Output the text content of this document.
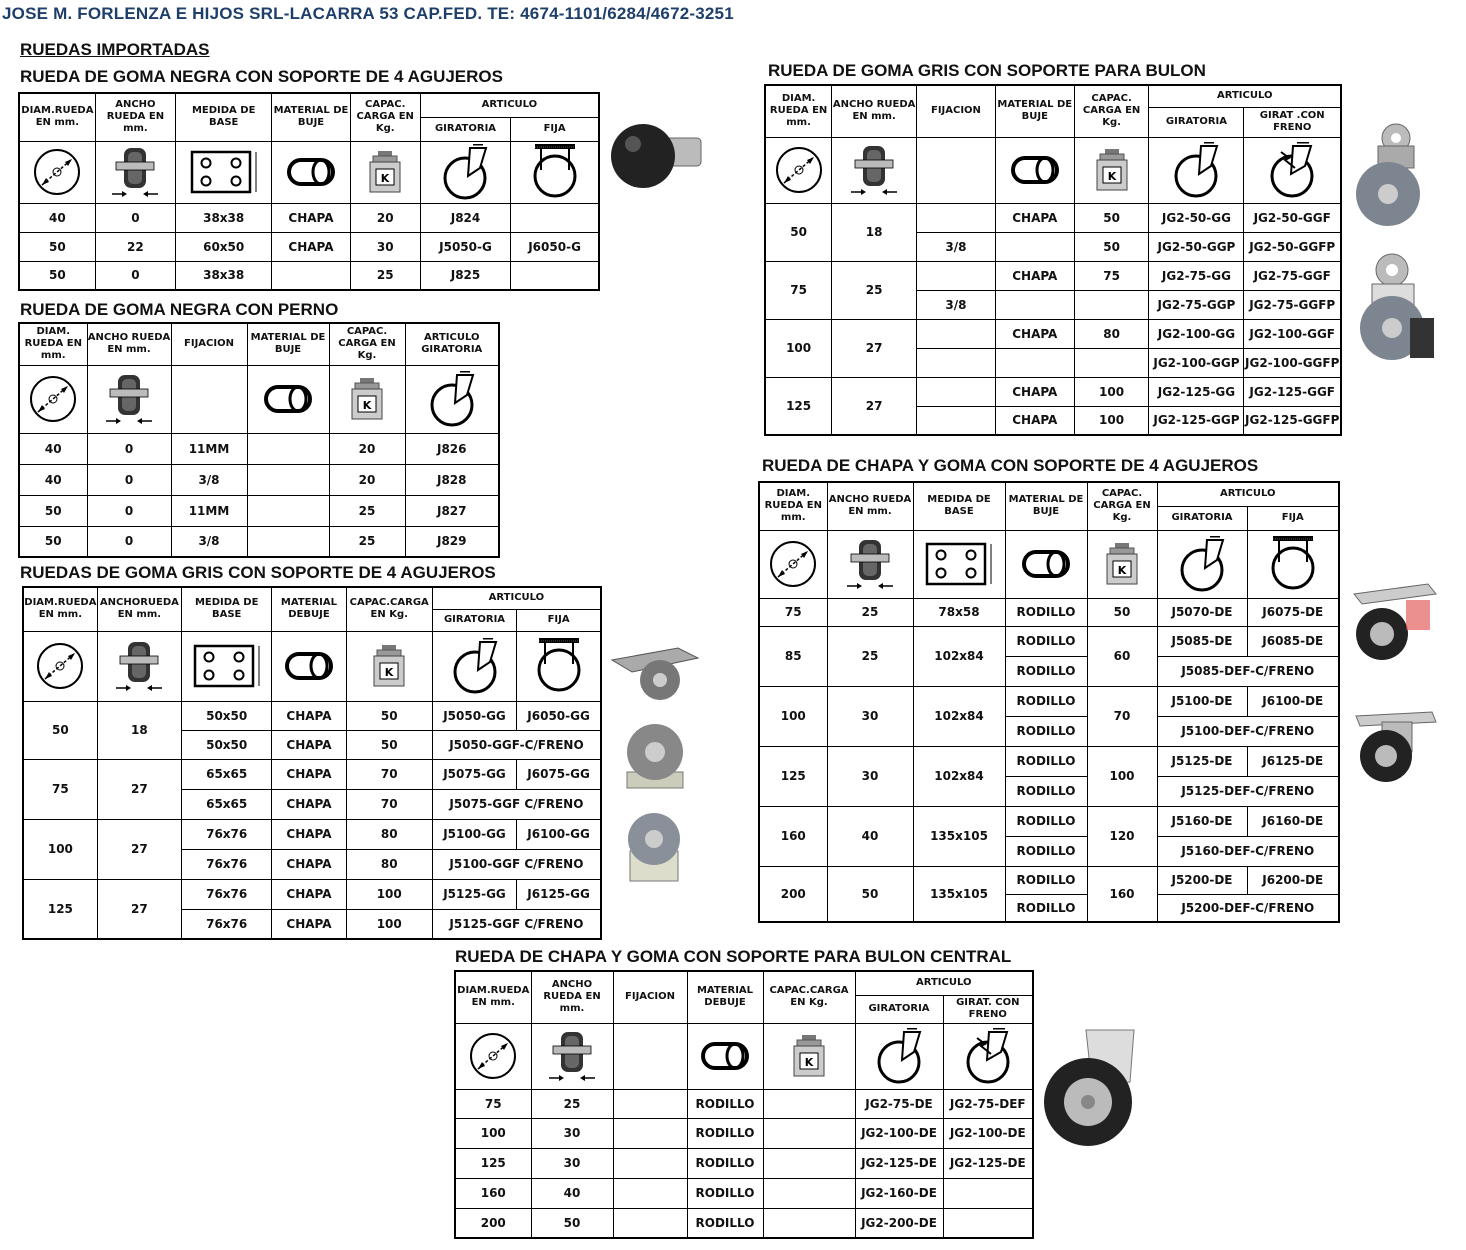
JOSE M. FORLENZA E HIJOS SRL-LACARRA 53 CAP.FED. TE: 4674-1101/6284/4672-3251
RUEDAS IMPORTADAS
RUEDA DE GOMA NEGRA CON SOPORTE DE 4 AGUJEROS
DIAM.RUEDA EN mm.	ANCHO RUEDA EN mm.	MEDIDA DE BASE	MATERIAL DE BUJE	CAPAC. CARGA EN Kg.	ARTICULO	
					GIRATORIA	FIJA

40	0	38x38	CHAPA	20	J824	
50	22	60x50	CHAPA	30	J5050-G	J6050-G
50	0	38x38		25	J825	
RUEDA DE GOMA NEGRA CON PERNO
DIAM. RUEDA EN mm.	ANCHO RUEDA EN mm.	FIJACION	MATERIAL DE BUJE	CAPAC. CARGA EN Kg.	ARTICULO GIRATORIA

40	0	11MM		20	J826
40	0	3/8		20	J828
50	0	11MM		25	J827
50	0	3/8		25	J829
RUEDAS DE GOMA GRIS CON SOPORTE DE 4 AGUJEROS
DIAM.RUEDA EN mm.	ANCHORUEDA EN mm.	MEDIDA DE BASE	MATERIAL DEBUJE	CAPAC.CARGA EN Kg.	ARTICULO	
					GIRATORIA	FIJA

50	18	50x50	CHAPA	50	J5050-GG	J6050-GG
		50x50	CHAPA	50	J5050-GGF-C/FRENO	
75	27	65x65	CHAPA	70	J5075-GG	J6075-GG
		65x65	CHAPA	70	J5075-GGF C/FRENO	
100	27	76x76	CHAPA	80	J5100-GG	J6100-GG
		76x76	CHAPA	80	J5100-GGF C/FRENO	
125	27	76x76	CHAPA	100	J5125-GG	J6125-GG
		76x76	CHAPA	100	J5125-GGF C/FRENO	
RUEDA DE GOMA GRIS CON SOPORTE PARA BULON
DIAM. RUEDA EN mm.	ANCHO RUEDA EN mm.	FIJACION	MATERIAL DE BUJE	CAPAC. CARGA EN Kg.	ARTICULO	
					GIRATORIA	GIRAT .CON FRENO

50	18		CHAPA	50	JG2-50-GG	JG2-50-GGF
		3/8		50	JG2-50-GGP	JG2-50-GGFP
75	25		CHAPA	75	JG2-75-GG	JG2-75-GGF
		3/8			JG2-75-GGP	JG2-75-GGFP
100	27		CHAPA	80	JG2-100-GG	JG2-100-GGF
					JG2-100-GGP	JG2-100-GGFP
125	27		CHAPA	100	JG2-125-GG	JG2-125-GGF
			CHAPA	100	JG2-125-GGP	JG2-125-GGFP
RUEDA DE CHAPA Y GOMA CON SOPORTE DE 4 AGUJEROS
DIAM. RUEDA EN mm.	ANCHO RUEDA EN mm.	MEDIDA DE BASE	MATERIAL DE BUJE	CAPAC. CARGA EN Kg.	ARTICULO	
					GIRATORIA	FIJA

75	25	78x58	RODILLO	50	J5070-DE	J6075-DE
85	25	102x84	RODILLO	60	J5085-DE	J6085-DE
			RODILLO		J5085-DEF-C/FRENO	
100	30	102x84	RODILLO	70	J5100-DE	J6100-DE
			RODILLO		J5100-DEF-C/FRENO	
125	30	102x84	RODILLO	100	J5125-DE	J6125-DE
			RODILLO		J5125-DEF-C/FRENO	
160	40	135x105	RODILLO	120	J5160-DE	J6160-DE
			RODILLO		J5160-DEF-C/FRENO	
200	50	135x105	RODILLO	160	J5200-DE	J6200-DE
			RODILLO		J5200-DEF-C/FRENO	
RUEDA DE CHAPA Y GOMA CON SOPORTE PARA BULON CENTRAL
DIAM.RUEDA EN mm.	ANCHO RUEDA EN mm.	FIJACION	MATERIAL DEBUJE	CAPAC.CARGA EN Kg.	ARTICULO	
					GIRATORIA	GIRAT. CON FRENO

75	25		RODILLO		JG2-75-DE	JG2-75-DEF
100	30		RODILLO		JG2-100-DE	JG2-100-DE
125	30		RODILLO		JG2-125-DE	JG2-125-DE
160	40		RODILLO		JG2-160-DE	
200	50		RODILLO		JG2-200-DE	
